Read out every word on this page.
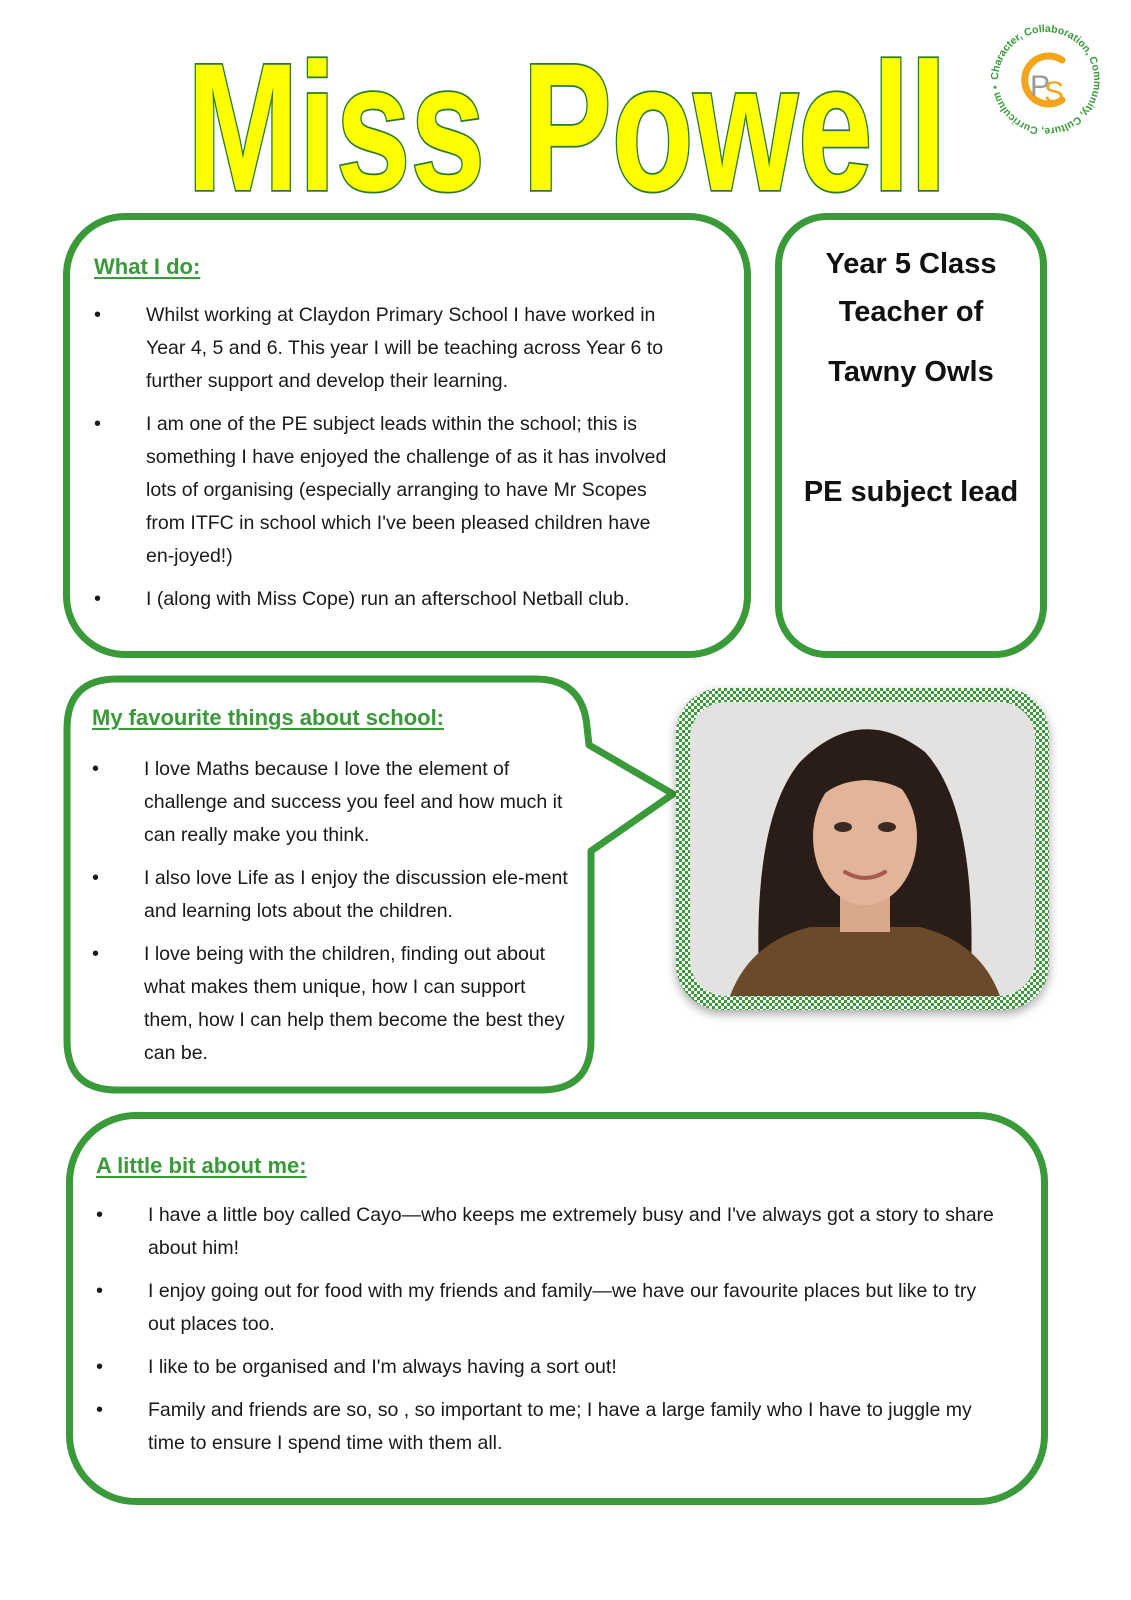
Miss Powell	Character, Collaboration, Community, Culture, Curriculum • P
S
What I do:
• Whilst working at Claydon Primary School I have worked in Year 4, 5 and 6. This year I will be teaching across Year 6 to further support and develop their learning.
• I am one of the PE subject leads within the school; this is something I have enjoyed the challenge of as it has involved lots of organising (especially arranging to have Mr Scopes from ITFC in school which I've been pleased children have en-joyed!)
• I (along with Miss Cope) run an afterschool Netball club.
Year 5 Class
Teacher of
Tawny Owls
PE subject lead
My favourite things about school:
• I love Maths because I love the element of challenge and success you feel and how much it can really make you think.
• I also love Life as I enjoy the discussion ele-ment and learning lots about the children.
• I love being with the children, finding out about what makes them unique, how I can support them, how I can help them become the best they can be.
A little bit about me:
• I have a little boy called Cayo—who keeps me extremely busy and I've always got a story to share about him!
• I enjoy going out for food with my friends and family—we have our favourite places but like to try out places too.
• I like to be organised and I'm always having a sort out!
• Family and friends are so, so , so important to me; I have a large family who I have to juggle my time to ensure I spend time with them all.
